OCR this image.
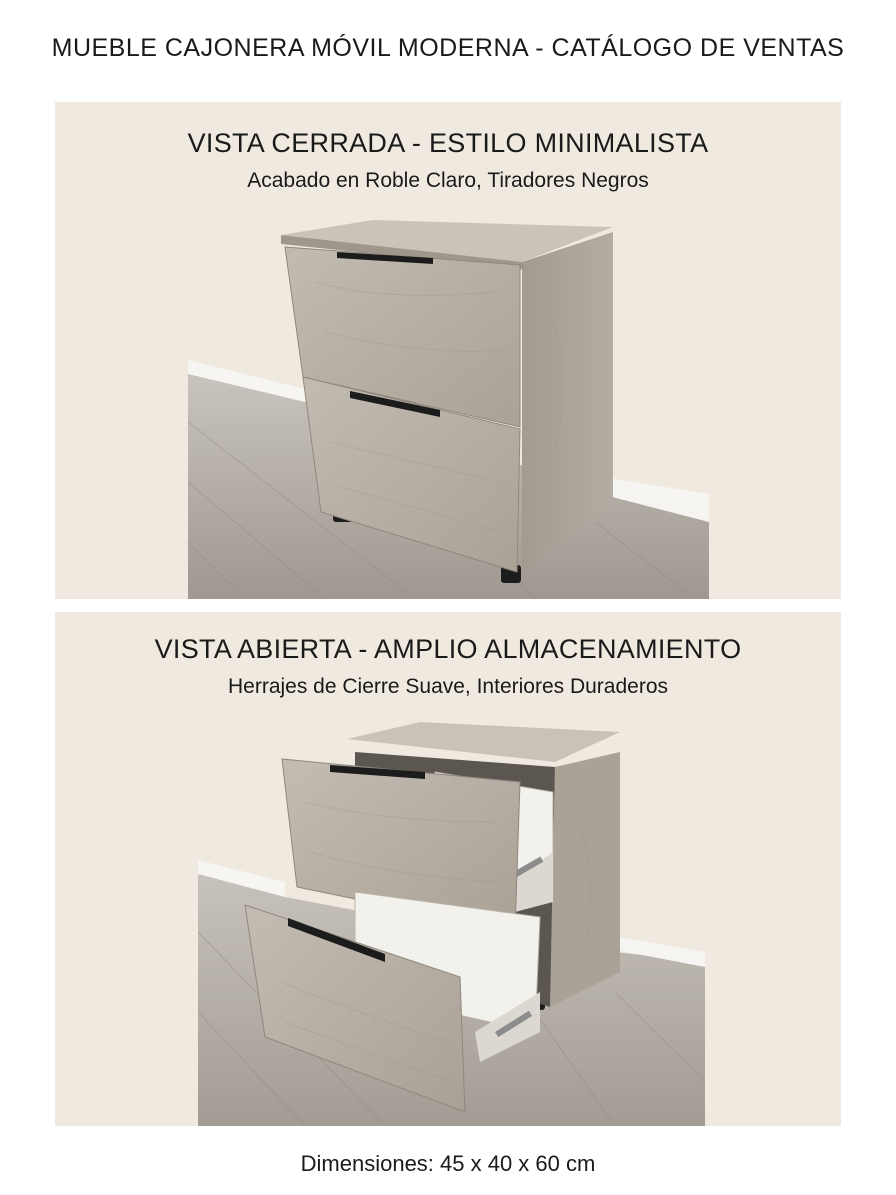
MUEBLE CAJONERA MÓVIL MODERNA - CATÁLOGO DE VENTAS
VISTA CERRADA - ESTILO MINIMALISTA
Acabado en Roble Claro, Tiradores Negros
VISTA ABIERTA - AMPLIO ALMACENAMIENTO
Herrajes de Cierre Suave, Interiores Duraderos
Dimensiones: 45 x 40 x 60 cm
